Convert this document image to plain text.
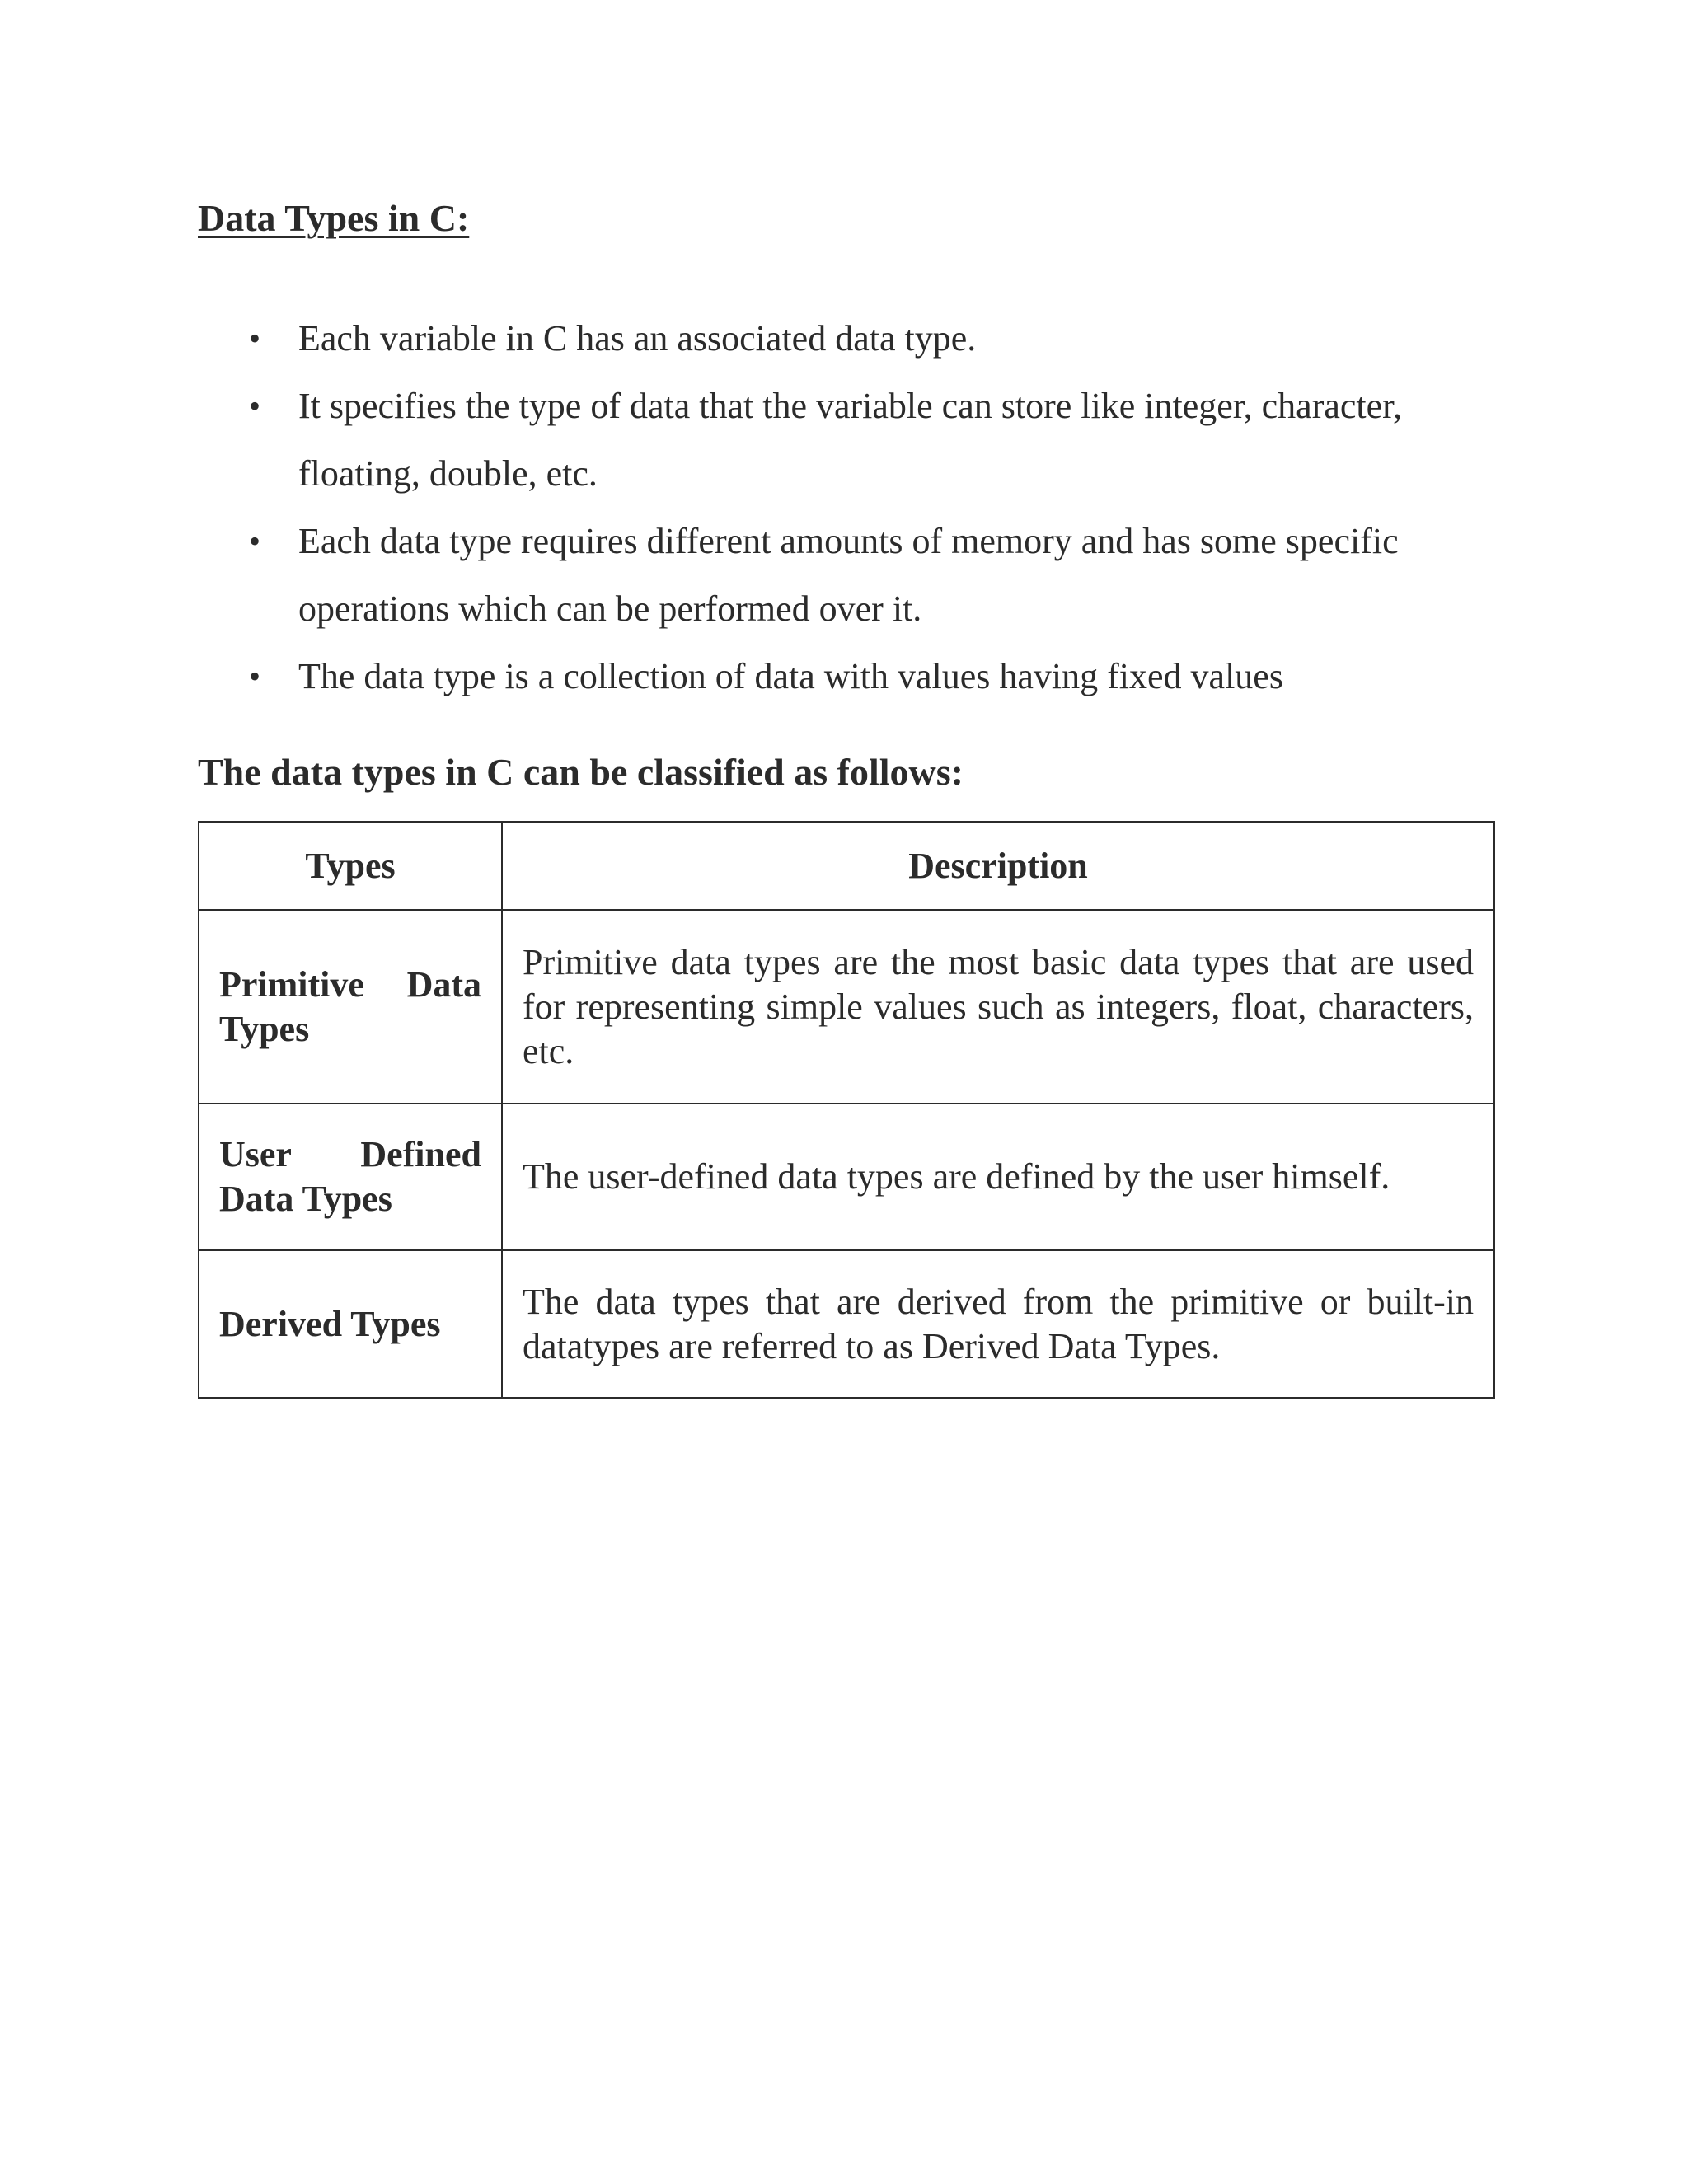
Data Types in C:
• Each variable in C has an associated data type.
• It specifies the type of data that the variable can store like integer, character, floating, double, etc.
• Each data type requires different amounts of memory and has some specific operations which can be performed over it.
• The data type is a collection of data with values having fixed values
The data types in C can be classified as follows:
Types	Description
Primitive Data Types	Primitive data types are the most basic data types that are used for representing simple values such as integers, float, characters, etc.
User Defined Data Types	The user-defined data types are defined by the user himself.
Derived Types	The data types that are derived from the primitive or built-in datatypes are referred to as Derived Data Types.
